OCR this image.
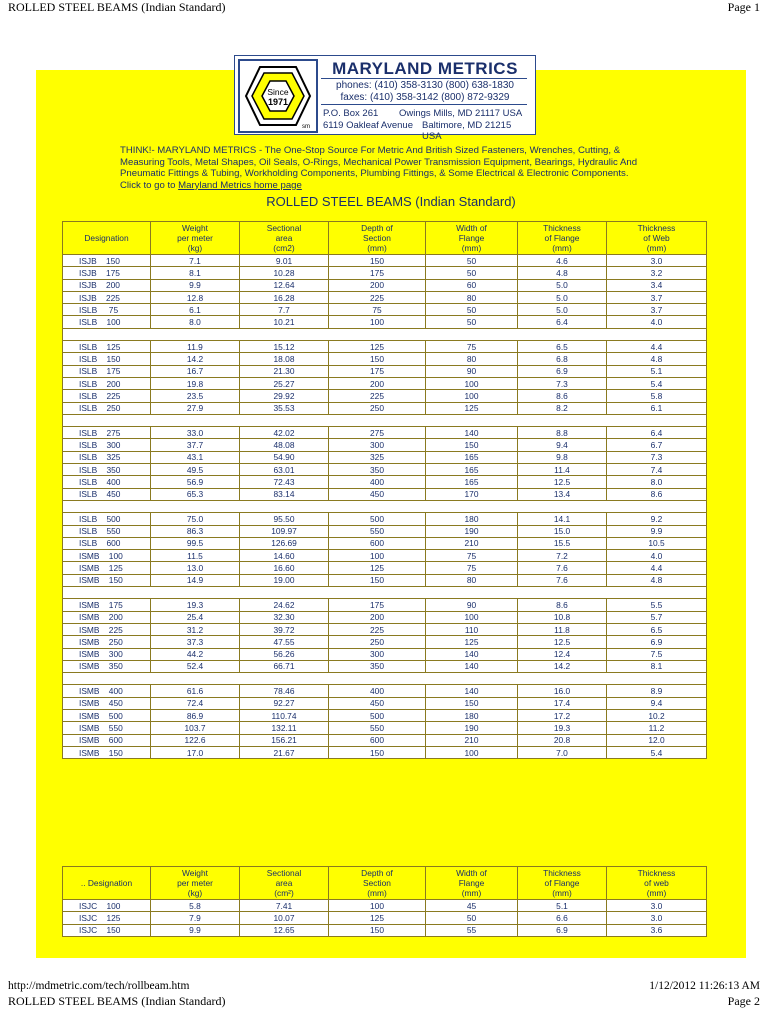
ROLLED STEEL BEAMS (Indian Standard)	Page 1
Since
1971
sm
MARYLAND METRICS
phones: (410) 358-3130 (800) 638-1830
faxes: (410) 358-3142 (800) 872-9329
P.O. Box 261 Owings Mills, MD 21117 USA
6119 Oakleaf Avenue Baltimore, MD 21215 USA
THINK!- MARYLAND METRICS - The One-Stop Source For Metric And British Sized Fasteners, Wrenches, Cutting, & Measuring Tools, Metal Shapes, Oil Seals, O-Rings, Mechanical Power Transmission Equipment, Bearings, Hydraulic And Pneumatic Fittings & Tubing, Workholding Components, Plumbing Fittings, & Some Electrical & Electronic Components. Click to go to Maryland Metrics home page
ROLLED STEEL BEAMS (Indian Standard)
Designation	Weight
per meter
(kg)	Sectional
area
(cm2)	Depth of
Section
(mm)	Width of
Flange
(mm)	Thickness
of Flange
(mm)	Thickness
of Web
(mm)
ISJB    150	7.1	9.01	150	50	4.6	3.0
ISJB    175	8.1	10.28	175	50	4.8	3.2
ISJB    200	9.9	12.64	200	60	5.0	3.4
ISJB    225	12.8	16.28	225	80	5.0	3.7
ISLB     75	6.1	7.7	75	50	5.0	3.7
ISLB    100	8.0	10.21	100	50	6.4	4.0

ISLB    125	11.9	15.12	125	75	6.5	4.4
ISLB    150	14.2	18.08	150	80	6.8	4.8
ISLB    175	16.7	21.30	175	90	6.9	5.1
ISLB    200	19.8	25.27	200	100	7.3	5.4
ISLB    225	23.5	29.92	225	100	8.6	5.8
ISLB    250	27.9	35.53	250	125	8.2	6.1

ISLB    275	33.0	42.02	275	140	8.8	6.4
ISLB    300	37.7	48.08	300	150	9.4	6.7
ISLB    325	43.1	54.90	325	165	9.8	7.3
ISLB    350	49.5	63.01	350	165	11.4	7.4
ISLB    400	56.9	72.43	400	165	12.5	8.0
ISLB    450	65.3	83.14	450	170	13.4	8.6

ISLB    500	75.0	95.50	500	180	14.1	9.2
ISLB    550	86.3	109.97	550	190	15.0	9.9
ISLB    600	99.5	126.69	600	210	15.5	10.5
ISMB    100	11.5	14.60	100	75	7.2	4.0
ISMB    125	13.0	16.60	125	75	7.6	4.4
ISMB    150	14.9	19.00	150	80	7.6	4.8

ISMB    175	19.3	24.62	175	90	8.6	5.5
ISMB    200	25.4	32.30	200	100	10.8	5.7
ISMB    225	31.2	39.72	225	110	11.8	6.5
ISMB    250	37.3	47.55	250	125	12.5	6.9
ISMB    300	44.2	56.26	300	140	12.4	7.5
ISMB    350	52.4	66.71	350	140	14.2	8.1

ISMB    400	61.6	78.46	400	140	16.0	8.9
ISMB    450	72.4	92.27	450	150	17.4	9.4
ISMB    500	86.9	110.74	500	180	17.2	10.2
ISMB    550	103.7	132.11	550	190	19.3	11.2
ISMB    600	122.6	156.21	600	210	20.8	12.0
ISMB    150	17.0	21.67	150	100	7.0	5.4
.. Designation	Weight
per meter
(kg)	Sectional
area
(cm²)	Depth of
Section
(mm)	Width of
Flange
(mm)	Thickness
of Flange
(mm)	Thickness
of web
(mm)
ISJC    100	5.8	7.41	100	45	5.1	3.0
ISJC    125	7.9	10.07	125	50	6.6	3.0
ISJC    150	9.9	12.65	150	55	6.9	3.6
http://mdmetric.com/tech/rollbeam.htm	1/12/2012 11:26:13 AM
ROLLED STEEL BEAMS (Indian Standard)	Page 2
